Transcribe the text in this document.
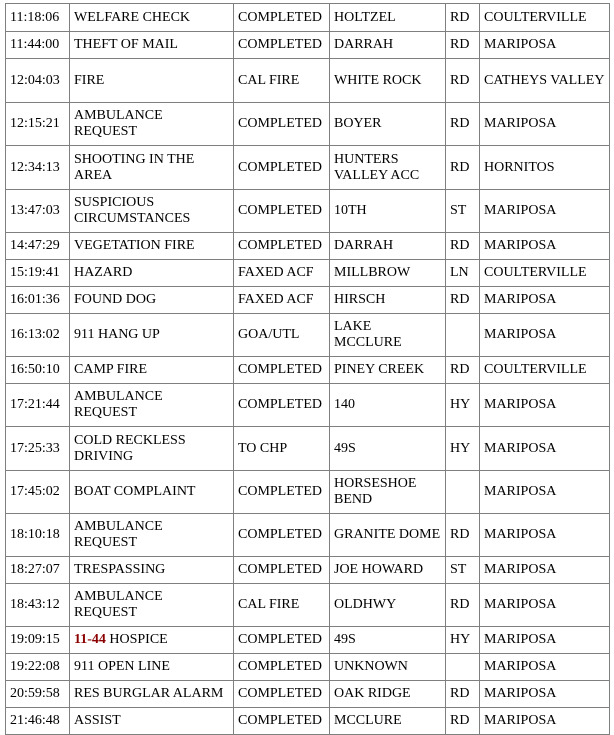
11:18:06	WELFARE CHECK	COMPLETED	HOLTZEL	RD	COULTERVILLE
11:44:00	THEFT OF MAIL	COMPLETED	DARRAH	RD	MARIPOSA
12:04:03	FIRE	CAL FIRE	WHITE ROCK	RD	CATHEYS VALLEY
12:15:21	AMBULANCE REQUEST	COMPLETED	BOYER	RD	MARIPOSA
12:34:13	SHOOTING IN THE AREA	COMPLETED	HUNTERS VALLEY ACC	RD	HORNITOS
13:47:03	SUSPICIOUS CIRCUMSTANCES	COMPLETED	10TH	ST	MARIPOSA
14:47:29	VEGETATION FIRE	COMPLETED	DARRAH	RD	MARIPOSA
15:19:41	HAZARD	FAXED ACF	MILLBROW	LN	COULTERVILLE
16:01:36	FOUND DOG	FAXED ACF	HIRSCH	RD	MARIPOSA
16:13:02	911 HANG UP	GOA/UTL	LAKE MCCLURE		MARIPOSA
16:50:10	CAMP FIRE	COMPLETED	PINEY CREEK	RD	COULTERVILLE
17:21:44	AMBULANCE REQUEST	COMPLETED	140	HY	MARIPOSA
17:25:33	COLD RECKLESS DRIVING	TO CHP	49S	HY	MARIPOSA
17:45:02	BOAT COMPLAINT	COMPLETED	HORSESHOE BEND		MARIPOSA
18:10:18	AMBULANCE REQUEST	COMPLETED	GRANITE DOME	RD	MARIPOSA
18:27:07	TRESPASSING	COMPLETED	JOE HOWARD	ST	MARIPOSA
18:43:12	AMBULANCE REQUEST	CAL FIRE	OLDHWY	RD	MARIPOSA
19:09:15	11-44 HOSPICE	COMPLETED	49S	HY	MARIPOSA
19:22:08	911 OPEN LINE	COMPLETED	UNKNOWN		MARIPOSA
20:59:58	RES BURGLAR ALARM	COMPLETED	OAK RIDGE	RD	MARIPOSA
21:46:48	ASSIST	COMPLETED	MCCLURE	RD	MARIPOSA
